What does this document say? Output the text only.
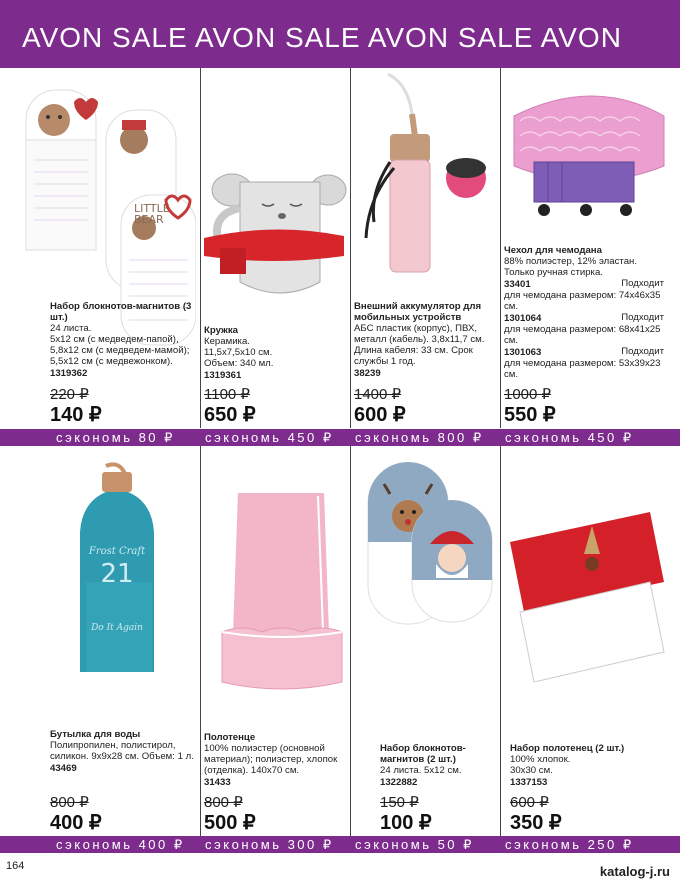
AVON SALE AVON SALE AVON SALE AVON
LITTLE
BEAR
Набор блокнотов-магнитов (3 шт.)
24 листа.
5х12 см (с медведем-папой), 5,8х12 см (с медведем-мамой); 5,5х12 см (с медвежонком).
1319362
220 ₽
140 ₽
Кружка
Керамика.
11,5х7,5х10 см.
Объем: 340 мл.
1319361
1100 ₽
650 ₽
Внешний аккумулятор для мобильных устройств
АБС пластик (корпус), ПВХ, металл (кабель). 3,8х11,7 см. Длина кабеля: 33 см. Срок службы 1 год.
38239
1400 ₽
600 ₽
Чехол для чемодана
88% полиэстер, 12% эластан. Только ручная стирка.
33401	Подходит
для чемодана размером: 74х46х35 см.
1301064	Подходит
для чемодана размером: 68х41х25 см.
1301063	Подходит
для чемодана размером: 53х39х23 см.
1000 ₽
550 ₽
сэкономь 80 ₽ сэкономь 450 ₽ сэкономь 800 ₽ сэкономь 450 ₽
Frost Craft
21
Do It Again
Бутылка для воды
Полипропилен, полистирол, силикон. 9х9х28 см. Объем: 1 л.
43469
800 ₽
400 ₽
Полотенце
100% полиэстер (основной материал); полиэстер, хлопок (отделка). 140х70 см.
31433
800 ₽
500 ₽
Набор блокнотов-магнитов (2 шт.)
24 листа. 5х12 см.
1322882
150 ₽
100 ₽
Набор полотенец (2 шт.)
100% хлопок.
30х30 см.
1337153
600 ₽
350 ₽
сэкономь 400 ₽ сэкономь 300 ₽ сэкономь 50 ₽ сэкономь 250 ₽
164	katalog-j.ru
